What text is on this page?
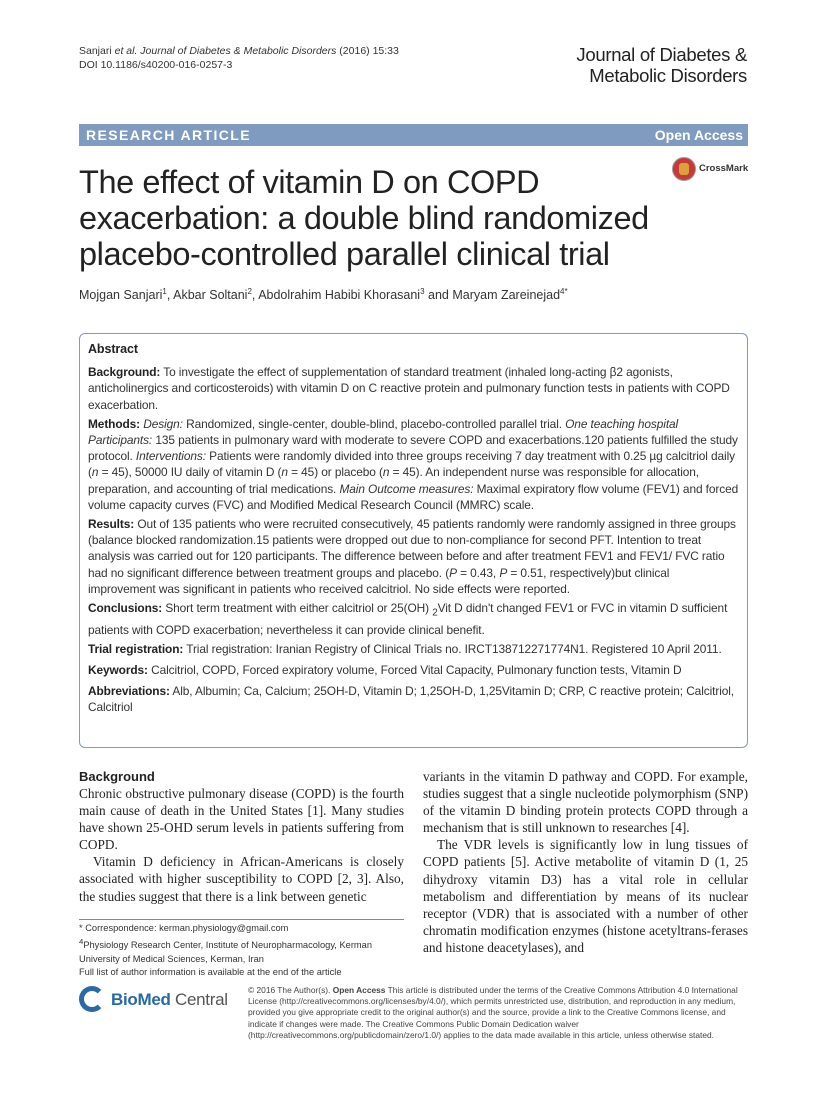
Sanjari et al. Journal of Diabetes & Metabolic Disorders (2016) 15:33
DOI 10.1186/s40200-016-0257-3	Journal of Diabetes &
Metabolic Disorders
RESEARCH ARTICLE	Open Access
CrossMark
The effect of vitamin D on COPD exacerbation: a double blind randomized placebo-controlled parallel clinical trial
Mojgan Sanjari$^1$, Akbar Soltani$^2$, Abdolrahim Habibi Khorasani$^3$ and Maryam Zareinejad$^{4*}$
Abstract

Background: To investigate the effect of supplementation of standard treatment (inhaled long-acting β2 agonists, anticholinergics and corticosteroids) with vitamin D on C reactive protein and pulmonary function tests in patients with COPD exacerbation.

Methods: Design: Randomized, single-center, double-blind, placebo-controlled parallel trial. One teaching hospital Participants: 135 patients in pulmonary ward with moderate to severe COPD and exacerbations.120 patients fulfilled the study protocol. Interventions: Patients were randomly divided into three groups receiving 7 day treatment with 0.25 µg calcitriol daily (n = 45), 50000 IU daily of vitamin D (n = 45) or placebo (n = 45). An independent nurse was responsible for allocation, preparation, and accounting of trial medications. Main Outcome measures: Maximal expiratory flow volume (FEV1) and forced volume capacity curves (FVC) and Modified Medical Research Council (MMRC) scale.

Results: Out of 135 patients who were recruited consecutively, 45 patients randomly were randomly assigned in three groups (balance blocked randomization.15 patients were dropped out due to non-compliance for second PFT. Intention to treat analysis was carried out for 120 participants. The difference between before and after treatment FEV1 and FEV1/ FVC ratio had no significant difference between treatment groups and placebo. (P = 0.43, P = 0.51, respectively)but clinical improvement was significant in patients who received calcitriol. No side effects were reported.

Conclusions: Short term treatment with either calcitriol or 25(OH) $_2$Vit D didn't changed FEV1 or FVC in vitamin D sufficient patients with COPD exacerbation; nevertheless it can provide clinical benefit.

Trial registration: Trial registration: Iranian Registry of Clinical Trials no. IRCT138712271774N1. Registered 10 April 2011.

Keywords: Calcitriol, COPD, Forced expiratory volume, Forced Vital Capacity, Pulmonary function tests, Vitamin D

Abbreviations: Alb, Albumin; Ca, Calcium; 25OH-D, Vitamin D; 1,25OH-D, 1,25Vitamin D; CRP, C reactive protein; Calcitriol, Calcitriol

Background

Chronic obstructive pulmonary disease (COPD) is the fourth main cause of death in the United States [1]. Many studies have shown 25-OHD serum levels in patients suffering from COPD.

Vitamin D deficiency in African-Americans is closely associated with higher susceptibility to COPD [2, 3]. Also, the studies suggest that there is a link between genetic

variants in the vitamin D pathway and COPD. For example, studies suggest that a single nucleotide polymorphism (SNP) of the vitamin D binding protein protects COPD through a mechanism that is still unknown to researches [4].

The VDR levels is significantly low in lung tissues of COPD patients [5]. Active metabolite of vitamin D (1, 25 dihydroxy vitamin D3) has a vital role in cellular metabolism and differentiation by means of its nuclear receptor (VDR) that is associated with a number of other chromatin modification enzymes (histone acetyltrans-ferases and histone deacetylases), and

* Correspondence: kerman.physiology@gmail.com

$^4$Physiology Research Center, Institute of Neuropharmacology, Kerman University of Medical Sciences, Kerman, Iran

Full list of author information is available at the end of the article

BioMed Central © 2016 The Author(s). Open Access This article is distributed under the terms of the Creative Commons Attribution 4.0 International License (http://creativecommons.org/licenses/by/4.0/), which permits unrestricted use, distribution, and reproduction in any medium, provided you give appropriate credit to the original author(s) and the source, provide a link to the Creative Commons license, and indicate if changes were made. The Creative Commons Public Domain Dedication waiver (http://creativecommons.org/publicdomain/zero/1.0/) applies to the data made available in this article, unless otherwise stated.
